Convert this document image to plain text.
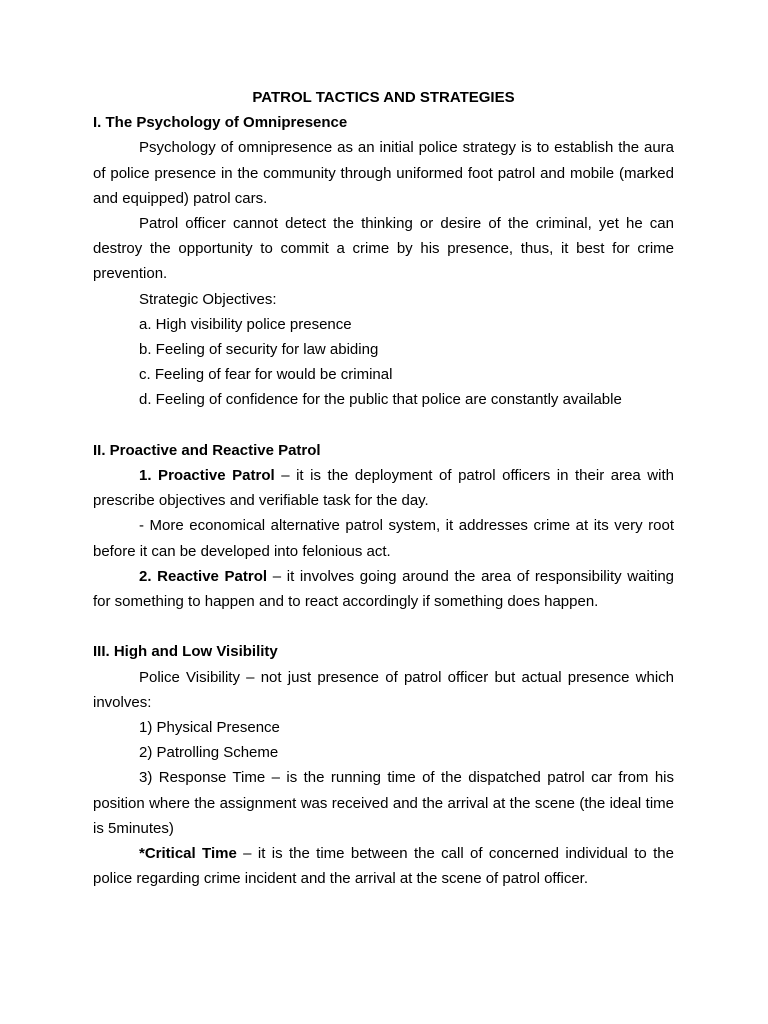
PATROL TACTICS AND STRATEGIES

I. The Psychology of Omnipresence

Psychology of omnipresence as an initial police strategy is to establish the aura of police presence in the community through uniformed foot patrol and mobile (marked and equipped) patrol cars.

Patrol officer cannot detect the thinking or desire of the criminal, yet he can destroy the opportunity to commit a crime by his presence, thus, it best for crime prevention.

Strategic Objectives:

a. High visibility police presence

b. Feeling of security for law abiding

c. Feeling of fear for would be criminal

d. Feeling of confidence for the public that police are constantly available

II. Proactive and Reactive Patrol

1. Proactive Patrol – it is the deployment of patrol officers in their area with prescribe objectives and verifiable task for the day.

- More economical alternative patrol system, it addresses crime at its very root before it can be developed into felonious act.

2. Reactive Patrol – it involves going around the area of responsibility waiting for something to happen and to react accordingly if something does happen.

III. High and Low Visibility

Police Visibility – not just presence of patrol officer but actual presence which involves:

1) Physical Presence

2) Patrolling Scheme

3) Response Time – is the running time of the dispatched patrol car from his position where the assignment was received and the arrival at the scene (the ideal time is 5minutes)

*Critical Time – it is the time between the call of concerned individual to the police regarding crime incident and the arrival at the scene of patrol officer.
